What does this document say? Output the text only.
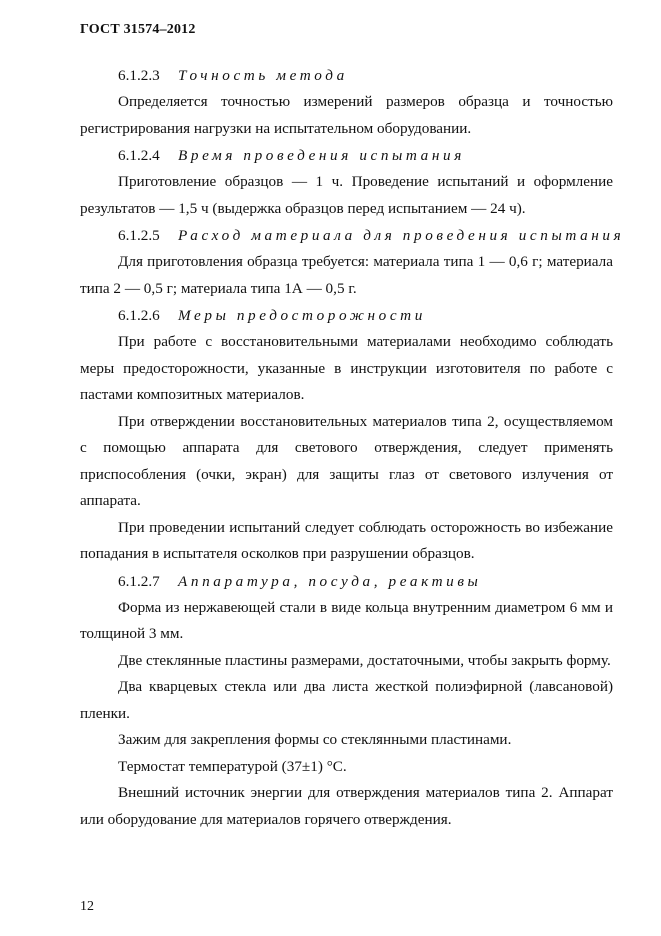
ГОСТ 31574–2012
6.1.2.3 Точность метода
Определяется точностью измерений размеров образца и точностью регистрирования нагрузки на испытательном оборудовании.
6.1.2.4 Время проведения испытания
Приготовление образцов — 1 ч. Проведение испытаний и оформление результатов — 1,5 ч (выдержка образцов перед испытанием — 24 ч).
6.1.2.5 Расход материала для проведения испытания
Для приготовления образца требуется: материала типа 1 — 0,6 г; материала типа 2 — 0,5 г; материала типа 1А — 0,5 г.
6.1.2.6 Меры предосторожности
При работе с восстановительными материалами необходимо соблюдать меры предосторожности, указанные в инструкции изготовителя по работе с пастами композитных материалов.
При отверждении восстановительных материалов типа 2, осуществляемом с помощью аппарата для светового отверждения, следует применять приспособления (очки, экран) для защиты глаз от светового излучения от аппарата.
При проведении испытаний следует соблюдать осторожность во избежание попадания в испытателя осколков при разрушении образцов.
6.1.2.7 Аппаратура, посуда, реактивы
Форма из нержавеющей стали в виде кольца внутренним диаметром 6 мм и толщиной 3 мм.
Две стеклянные пластины размерами, достаточными, чтобы закрыть форму.
Два кварцевых стекла или два листа жесткой полиэфирной (лавсановой) пленки.
Зажим для закрепления формы со стеклянными пластинами.
Термостат температурой (37±1) °С.
Внешний источник энергии для отверждения материалов типа 2. Аппарат или оборудование для материалов горячего отверждения.
12
